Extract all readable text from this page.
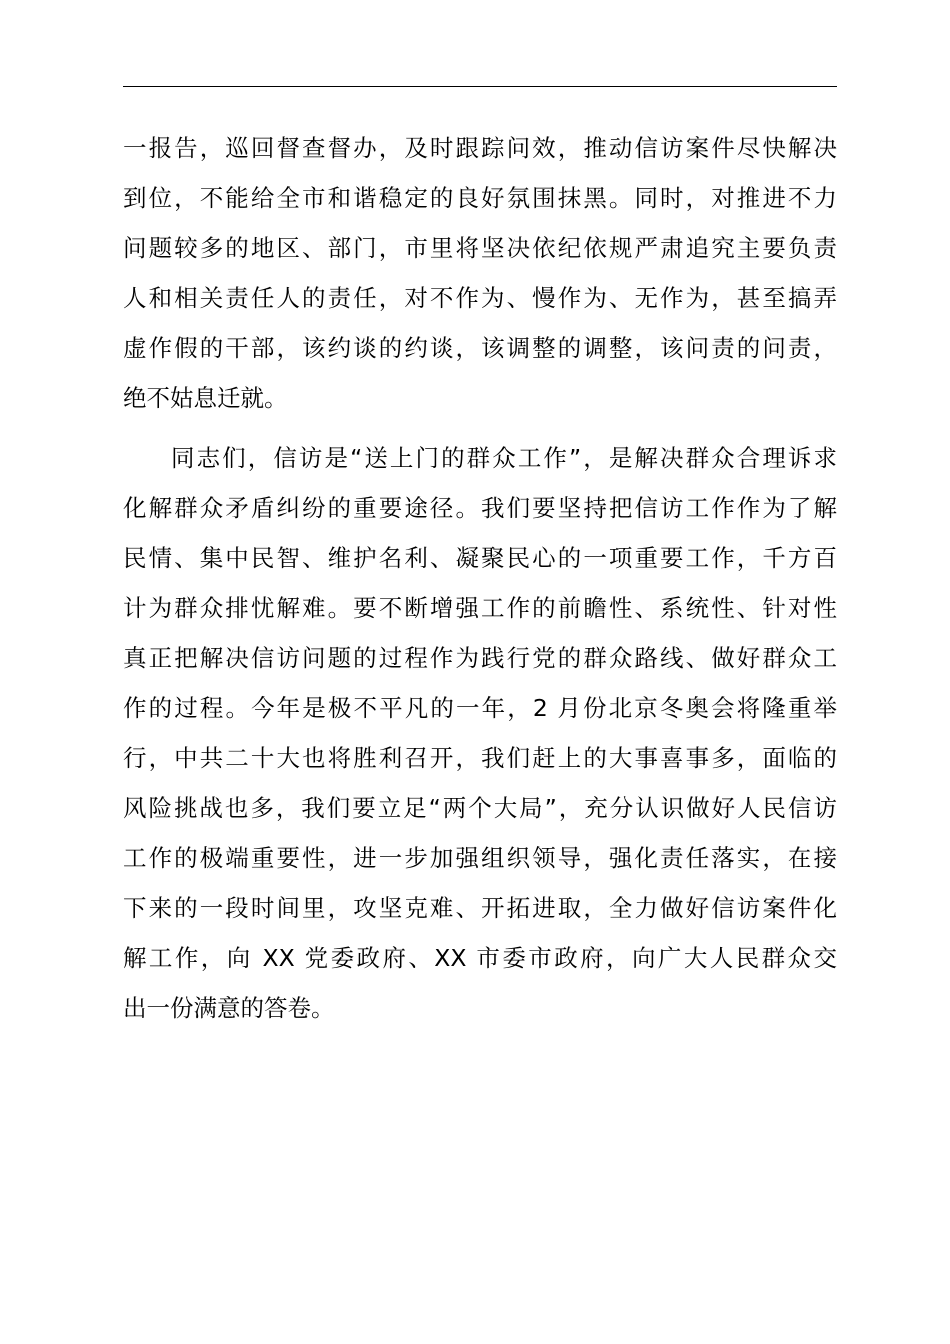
一报告，巡回督查督办，及时跟踪问效，推动信访案件尽快解决
到位，不能给全市和谐稳定的良好氛围抹黑。同时，对推进不力
问题较多的地区、部门，市里将坚决依纪依规严肃追究主要负责
人和相关责任人的责任，对不作为、慢作为、无作为，甚至搞弄
虚作假的干部，该约谈的约谈，该调整的调整，该问责的问责，
绝不姑息迁就。
同志们，信访是“送上门的群众工作”，是解决群众合理诉求
化解群众矛盾纠纷的重要途径。我们要坚持把信访工作作为了解
民情、集中民智、维护名利、凝聚民心的一项重要工作，千方百
计为群众排忧解难。要不断增强工作的前瞻性、系统性、针对性
真正把解决信访问题的过程作为践行党的群众路线、做好群众工
作的过程。今年是极不平凡的一年，2 月份北京冬奥会将隆重举
行，中共二十大也将胜利召开，我们赶上的大事喜事多，面临的
风险挑战也多，我们要立足“两个大局”，充分认识做好人民信访
工作的极端重要性，进一步加强组织领导，强化责任落实，在接
下来的一段时间里，攻坚克难、开拓进取，全力做好信访案件化
解工作，向 XX 党委政府、XX 市委市政府，向广大人民群众交
出一份满意的答卷。
